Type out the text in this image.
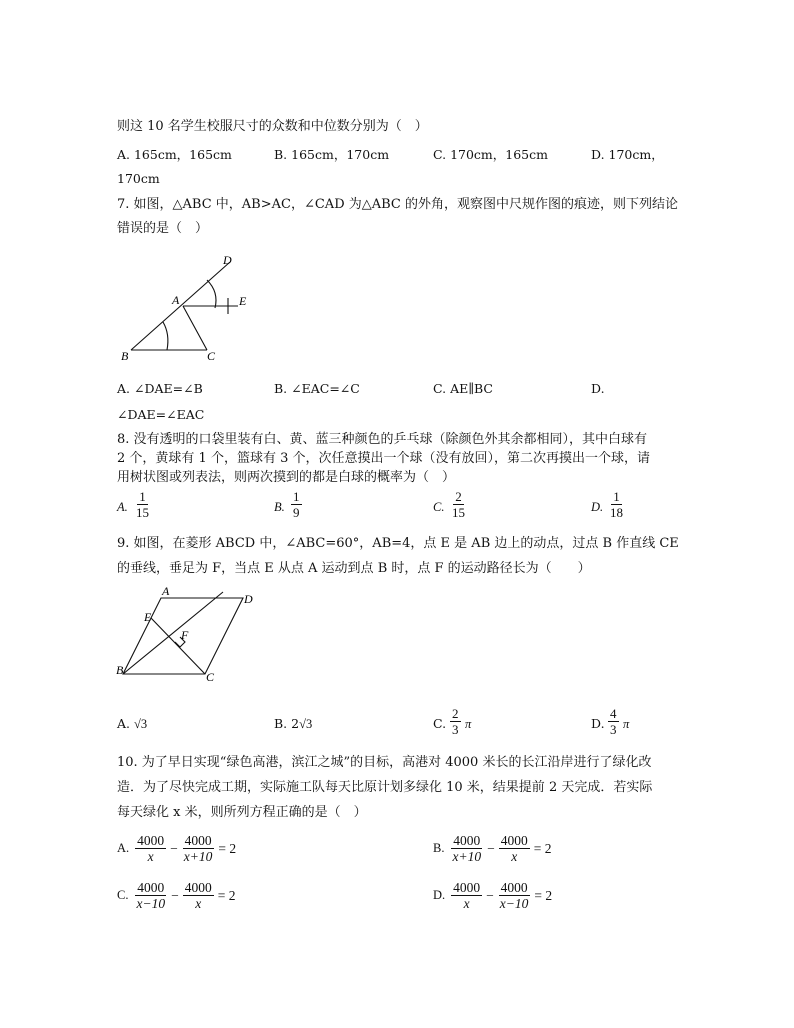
则这 10 名学生校服尺寸的众数和中位数分别为（　）
A. 165cm，165cm	B. 165cm，170cm	C. 170cm，165cm	D. 170cm，
170cm
7. 如图，△ABC 中，AB>AC，∠CAD 为△ABC 的外角，观察图中尺规作图的痕迹，则下列结论
错误的是（　）
D
A	E
B	C
A. ∠DAE=∠B	B. ∠EAC=∠C	C. AE∥BC	D.
∠DAE=∠EAC
8. 没有透明的口袋里装有白、黄、蓝三种颜色的乒乓球（除颜色外其余都相同），其中白球有
2 个，黄球有 1 个，篮球有 3 个，次任意摸出一个球（没有放回），第二次再摸出一个球，请
用树状图或列表法，则两次摸到的都是白球的概率为（　）
A. $\frac{1}{15}$	B. $\frac{1}{9}$	C. $\frac{2}{15}$	D. $\frac{1}{18}$
9. 如图，在菱形 ABCD 中，∠ABC=60°，AB=4，点 E 是 AB 边上的动点，过点 B 作直线 CE
的垂线，垂足为 F，当点 E 从点 A 运动到点 B 时，点 F 的运动路径长为（　　）
A
D
E
F
B	C
A. √3	B. 2√3	C. $\frac{2}{3}$ π	D. $\frac{4}{3}$ π
10. 为了早日实现“绿色高港，滨江之城”的目标，高港对 4000 米长的长江沿岸进行了绿化改
造．为了尽快完成工期，实际施工队每天比原计划多绿化 10 米，结果提前 2 天完成．若实际
每天绿化 x 米，则所列方程正确的是（　）
A. 4000
x
− $\frac{4000}{x+10} = 2$	B. 4000
x+10
− $\frac{4000}{x} = 2$
C. 4000
x−10
− $\frac{4000}{x} = 2$	D. 4000
x
− $\frac{4000}{x-10} = 2$
